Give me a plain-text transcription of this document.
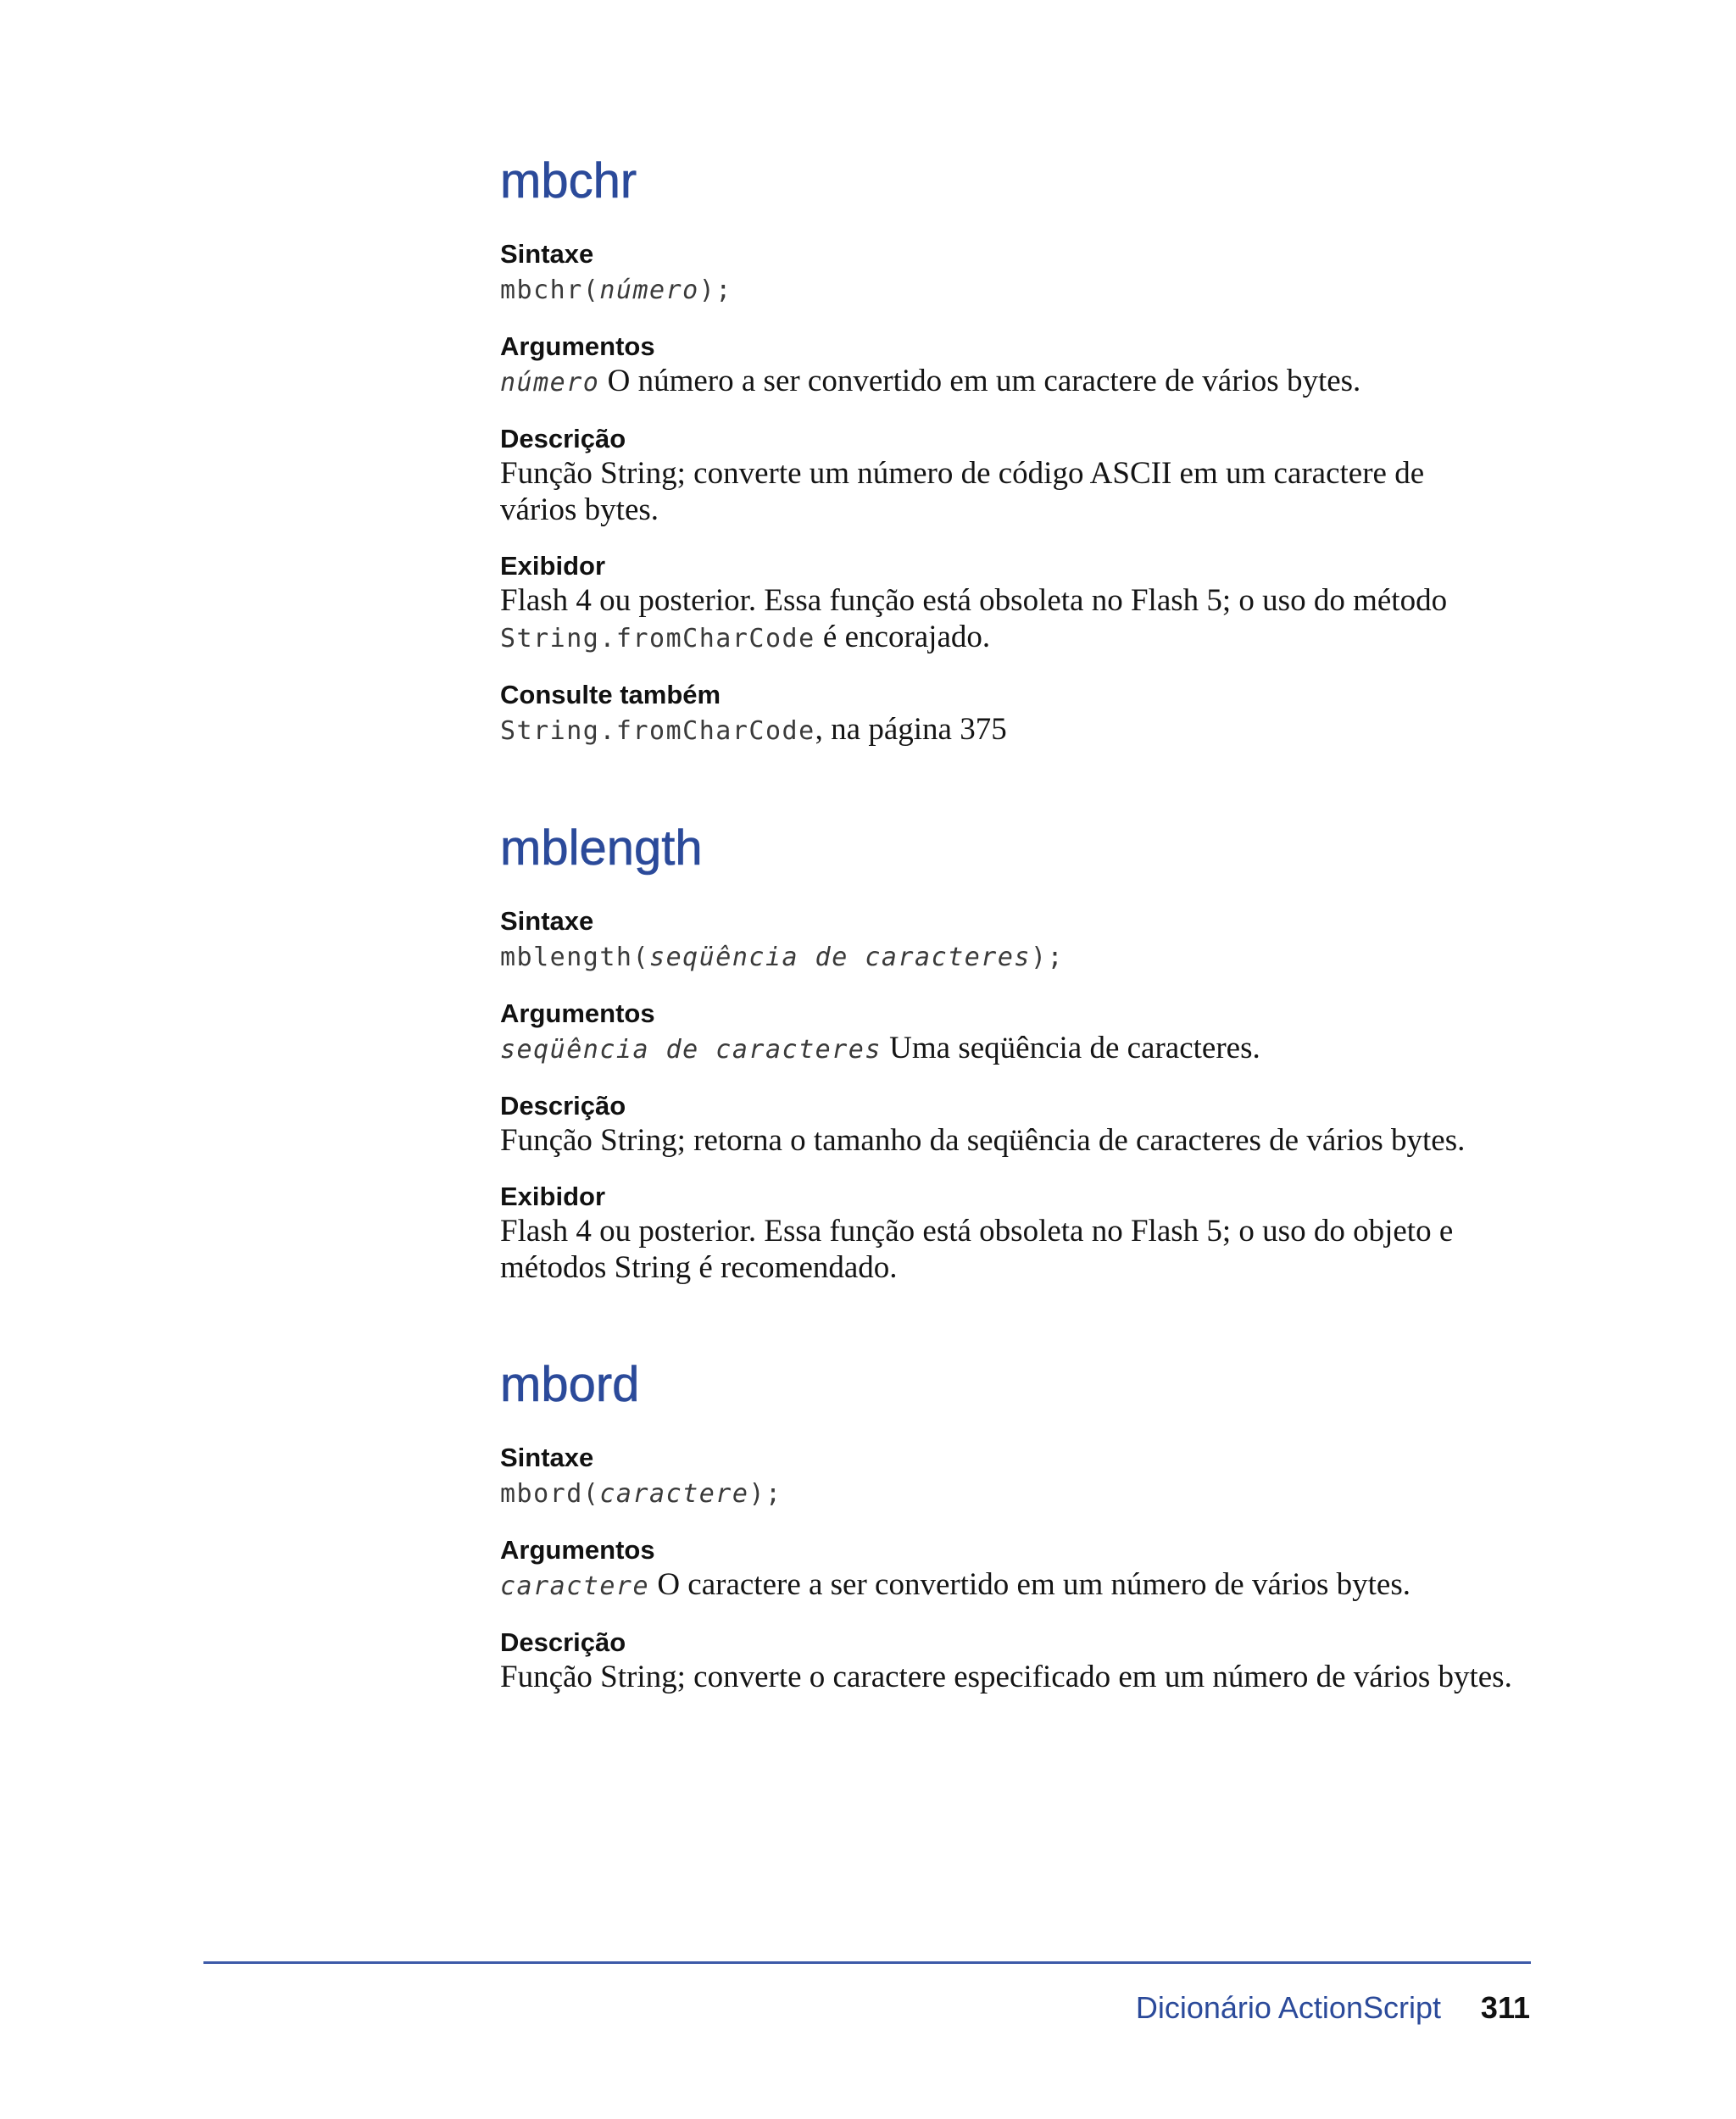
mbchr

Sintaxe

mbchr(número);

Argumentos

número O número a ser convertido em um caractere de vários bytes.

Descrição

Função String; converte um número de código ASCII em um caractere de vários bytes.

Exibidor

Flash 4 ou posterior. Essa função está obsoleta no Flash 5; o uso do método String.fromCharCode é encorajado.

Consulte também

String.fromCharCode, na página 375

mblength

Sintaxe

mblength(seqüência de caracteres);

Argumentos

seqüência de caracteres Uma seqüência de caracteres.

Descrição

Função String; retorna o tamanho da seqüência de caracteres de vários bytes.

Exibidor

Flash 4 ou posterior. Essa função está obsoleta no Flash 5; o uso do objeto e métodos String é recomendado.

mbord

Sintaxe

mbord(caractere);

Argumentos

caractere O caractere a ser convertido em um número de vários bytes.

Descrição

Função String; converte o caractere especificado em um número de vários bytes.

Dicionário ActionScript 311
